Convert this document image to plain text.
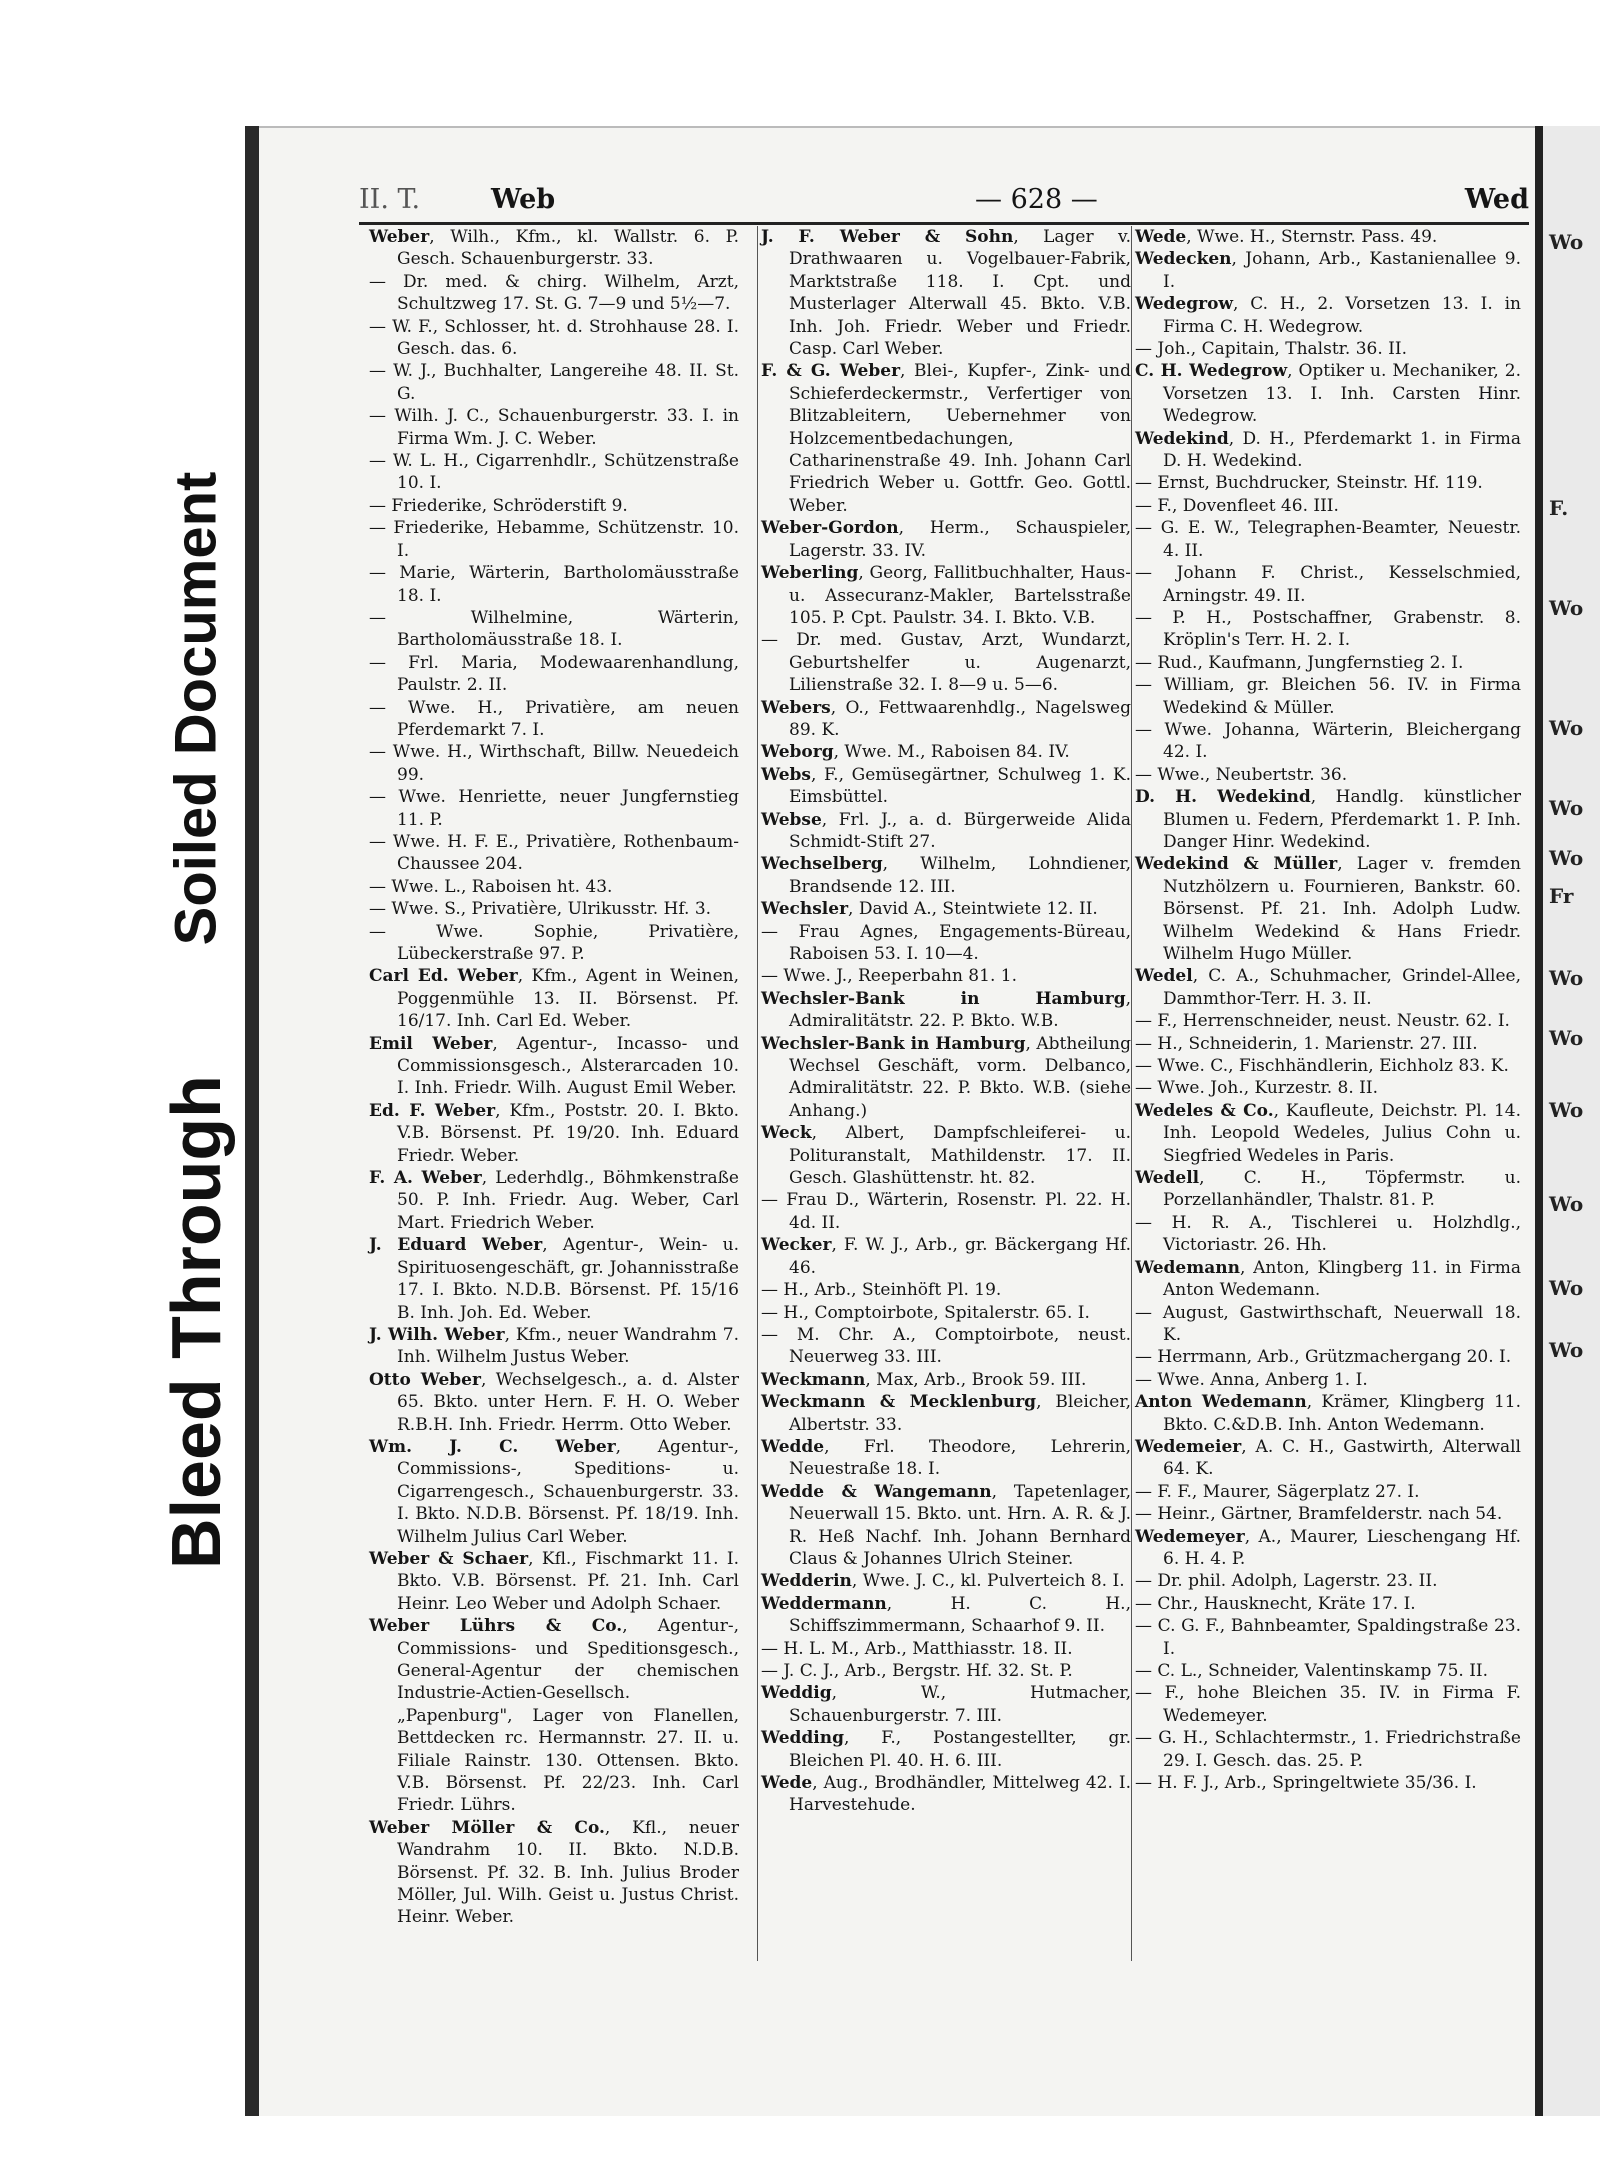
Soiled Document
Bleed Through
II. T.	Web	— 628 —	Wed
Weber, Wilh., Kfm., kl. Wallstr. 6. P. Gesch. Schauenburgerstr. 33.
— Dr. med. & chirg. Wilhelm, Arzt, Schultzweg 17. St. G. 7—9 und 5½—7.
— W. F., Schlosser, ht. d. Strohhause 28. I. Gesch. das. 6.
— W. J., Buchhalter, Langereihe 48. II. St. G.
— Wilh. J. C., Schauenburgerstr. 33. I. in Firma Wm. J. C. Weber.
— W. L. H., Cigarrenhdlr., Schützenstraße 10. I.
— Friederike, Schröderstift 9.
— Friederike, Hebamme, Schützenstr. 10. I.
— Marie, Wärterin, Bartholomäusstraße 18. I.
— Wilhelmine, Wärterin, Bartholomäusstraße 18. I.
— Frl. Maria, Modewaarenhandlung, Paulstr. 2. II.
— Wwe. H., Privatière, am neuen Pferdemarkt 7. I.
— Wwe. H., Wirthschaft, Billw. Neuedeich 99.
— Wwe. Henriette, neuer Jungfernstieg 11. P.
— Wwe. H. F. E., Privatière, Rothenbaum-Chaussee 204.
— Wwe. L., Raboisen ht. 43.
— Wwe. S., Privatière, Ulrikusstr. Hf. 3.
— Wwe. Sophie, Privatière, Lübeckerstraße 97. P.
Carl Ed. Weber, Kfm., Agent in Weinen, Poggenmühle 13. II. Börsenst. Pf. 16/17. Inh. Carl Ed. Weber.
Emil Weber, Agentur-, Incasso- und Commissionsgesch., Alsterarcaden 10. I. Inh. Friedr. Wilh. August Emil Weber.
Ed. F. Weber, Kfm., Poststr. 20. I. Bkto. V.B. Börsenst. Pf. 19/20. Inh. Eduard Friedr. Weber.
F. A. Weber, Lederhdlg., Böhmkenstraße 50. P. Inh. Friedr. Aug. Weber, Carl Mart. Friedrich Weber.
J. Eduard Weber, Agentur-, Wein- u. Spirituosengeschäft, gr. Johannisstraße 17. I. Bkto. N.D.B. Börsenst. Pf. 15/16 B. Inh. Joh. Ed. Weber.
J. Wilh. Weber, Kfm., neuer Wandrahm 7. Inh. Wilhelm Justus Weber.
Otto Weber, Wechselgesch., a. d. Alster 65. Bkto. unter Hern. F. H. O. Weber R.B.H. Inh. Friedr. Herrm. Otto Weber.
Wm. J. C. Weber, Agentur-, Commissions-, Speditions- u. Cigarrengesch., Schauenburgerstr. 33. I. Bkto. N.D.B. Börsenst. Pf. 18/19. Inh. Wilhelm Julius Carl Weber.
Weber & Schaer, Kfl., Fischmarkt 11. I. Bkto. V.B. Börsenst. Pf. 21. Inh. Carl Heinr. Leo Weber und Adolph Schaer.
Weber Lührs & Co., Agentur-, Commissions- und Speditionsgesch., General-Agentur der chemischen Industrie-Actien-Gesellsch. „Papenburg", Lager von Flanellen, Bettdecken rc. Hermannstr. 27. II. u. Filiale Rainstr. 130. Ottensen. Bkto. V.B. Börsenst. Pf. 22/23. Inh. Carl Friedr. Lührs.
Weber Möller & Co., Kfl., neuer Wandrahm 10. II. Bkto. N.D.B. Börsenst. Pf. 32. B. Inh. Julius Broder Möller, Jul. Wilh. Geist u. Justus Christ. Heinr. Weber.
J. F. Weber & Sohn, Lager v. Drathwaaren u. Vogelbauer-Fabrik, Marktstraße 118. I. Cpt. und Musterlager Alterwall 45. Bkto. V.B. Inh. Joh. Friedr. Weber und Friedr. Casp. Carl Weber.
F. & G. Weber, Blei-, Kupfer-, Zink- und Schieferdeckermstr., Verfertiger von Blitzableitern, Uebernehmer von Holzcementbedachungen, Catharinenstraße 49. Inh. Johann Carl Friedrich Weber u. Gottfr. Geo. Gottl. Weber.
Weber-Gordon, Herm., Schauspieler, Lagerstr. 33. IV.
Weberling, Georg, Fallitbuchhalter, Haus- u. Assecuranz-Makler, Bartelsstraße 105. P. Cpt. Paulstr. 34. I. Bkto. V.B.
— Dr. med. Gustav, Arzt, Wundarzt, Geburtshelfer u. Augenarzt, Lilienstraße 32. I. 8—9 u. 5—6.
Webers, O., Fettwaarenhdlg., Nagelsweg 89. K.
Weborg, Wwe. M., Raboisen 84. IV.
Webs, F., Gemüsegärtner, Schulweg 1. K. Eimsbüttel.
Webse, Frl. J., a. d. Bürgerweide Alida Schmidt-Stift 27.
Wechselberg, Wilhelm, Lohndiener, Brandsende 12. III.
Wechsler, David A., Steintwiete 12. II.
— Frau Agnes, Engagements-Büreau, Raboisen 53. I. 10—4.
— Wwe. J., Reeperbahn 81. 1.
Wechsler-Bank in Hamburg, Admiralitätstr. 22. P. Bkto. W.B.
Wechsler-Bank in Hamburg, Abtheilung Wechsel Geschäft, vorm. Delbanco, Admiralitätstr. 22. P. Bkto. W.B. (siehe Anhang.)
Weck, Albert, Dampfschleiferei- u. Polituranstalt, Mathildenstr. 17. II. Gesch. Glashüttenstr. ht. 82.
— Frau D., Wärterin, Rosenstr. Pl. 22. H. 4d. II.
Wecker, F. W. J., Arb., gr. Bäckergang Hf. 46.
— H., Arb., Steinhöft Pl. 19.
— H., Comptoirbote, Spitalerstr. 65. I.
— M. Chr. A., Comptoirbote, neust. Neuerweg 33. III.
Weckmann, Max, Arb., Brook 59. III.
Weckmann & Mecklenburg, Bleicher, Albertstr. 33.
Wedde, Frl. Theodore, Lehrerin, Neuestraße 18. I.
Wedde & Wangemann, Tapetenlager, Neuerwall 15. Bkto. unt. Hrn. A. R. & J. R. Heß Nachf. Inh. Johann Bernhard Claus & Johannes Ulrich Steiner.
Wedderin, Wwe. J. C., kl. Pulverteich 8. I.
Weddermann, H. C. H., Schiffszimmermann, Schaarhof 9. II.
— H. L. M., Arb., Matthiasstr. 18. II.
— J. C. J., Arb., Bergstr. Hf. 32. St. P.
Weddig, W., Hutmacher, Schauenburgerstr. 7. III.
Wedding, F., Postangestellter, gr. Bleichen Pl. 40. H. 6. III.
Wede, Aug., Brodhändler, Mittelweg 42. I. Harvestehude.
Wede, Wwe. H., Sternstr. Pass. 49.
Wedecken, Johann, Arb., Kastanienallee 9. I.
Wedegrow, C. H., 2. Vorsetzen 13. I. in Firma C. H. Wedegrow.
— Joh., Capitain, Thalstr. 36. II.
C. H. Wedegrow, Optiker u. Mechaniker, 2. Vorsetzen 13. I. Inh. Carsten Hinr. Wedegrow.
Wedekind, D. H., Pferdemarkt 1. in Firma D. H. Wedekind.
— Ernst, Buchdrucker, Steinstr. Hf. 119.
— F., Dovenfleet 46. III.
— G. E. W., Telegraphen-Beamter, Neuestr. 4. II.
— Johann F. Christ., Kesselschmied, Arningstr. 49. II.
— P. H., Postschaffner, Grabenstr. 8. Kröplin's Terr. H. 2. I.
— Rud., Kaufmann, Jungfernstieg 2. I.
— William, gr. Bleichen 56. IV. in Firma Wedekind & Müller.
— Wwe. Johanna, Wärterin, Bleichergang 42. I.
— Wwe., Neubertstr. 36.
D. H. Wedekind, Handlg. künstlicher Blumen u. Federn, Pferdemarkt 1. P. Inh. Danger Hinr. Wedekind.
Wedekind & Müller, Lager v. fremden Nutzhölzern u. Fournieren, Bankstr. 60. Börsenst. Pf. 21. Inh. Adolph Ludw. Wilhelm Wedekind & Hans Friedr. Wilhelm Hugo Müller.
Wedel, C. A., Schuhmacher, Grindel-Allee, Dammthor-Terr. H. 3. II.
— F., Herrenschneider, neust. Neustr. 62. I.
— H., Schneiderin, 1. Marienstr. 27. III.
— Wwe. C., Fischhändlerin, Eichholz 83. K.
— Wwe. Joh., Kurzestr. 8. II.
Wedeles & Co., Kaufleute, Deichstr. Pl. 14. Inh. Leopold Wedeles, Julius Cohn u. Siegfried Wedeles in Paris.
Wedell, C. H., Töpfermstr. u. Porzellanhändler, Thalstr. 81. P.
— H. R. A., Tischlerei u. Holzhdlg., Victoriastr. 26. Hh.
Wedemann, Anton, Klingberg 11. in Firma Anton Wedemann.
— August, Gastwirthschaft, Neuerwall 18. K.
— Herrmann, Arb., Grützmachergang 20. I.
— Wwe. Anna, Anberg 1. I.
Anton Wedemann, Krämer, Klingberg 11. Bkto. C.&D.B. Inh. Anton Wedemann.
Wedemeier, A. C. H., Gastwirth, Alterwall 64. K.
— F. F., Maurer, Sägerplatz 27. I.
— Heinr., Gärtner, Bramfelderstr. nach 54.
Wedemeyer, A., Maurer, Lieschengang Hf. 6. H. 4. P.
— Dr. phil. Adolph, Lagerstr. 23. II.
— Chr., Hausknecht, Kräte 17. I.
— C. G. F., Bahnbeamter, Spaldingstraße 23. I.
— C. L., Schneider, Valentinskamp 75. II.
— F., hohe Bleichen 35. IV. in Firma F. Wedemeyer.
— G. H., Schlachtermstr., 1. Friedrichstraße 29. I. Gesch. das. 25. P.
— H. F. J., Arb., Springeltwiete 35/36. I.
Wo
F.
Wo
Wo
Wo
Wo
Fr
Wo
Wo
Wo
Wo
Wo
Wo
